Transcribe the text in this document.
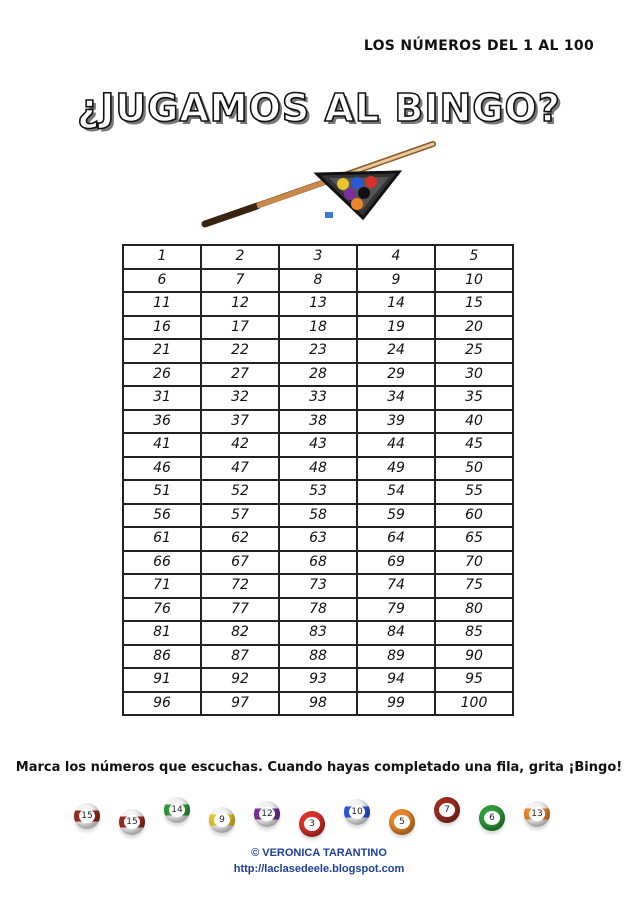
LOS NÚMEROS DEL 1 AL 100
¿JUGAMOS AL BINGO?
1	2	3	4	5
6	7	8	9	10
11	12	13	14	15
16	17	18	19	20
21	22	23	24	25
26	27	28	29	30
31	32	33	34	35
36	37	38	39	40
41	42	43	44	45
46	47	48	49	50
51	52	53	54	55
56	57	58	59	60
61	62	63	64	65
66	67	68	69	70
71	72	73	74	75
76	77	78	79	80
81	82	83	84	85
86	87	88	89	90
91	92	93	94	95
96	97	98	99	100
Marca los números que escuchas. Cuando hayas completado una fila, grita ¡Bingo!
15
15
14
9
12
3
10
5
7
6	13
© VERONICA TARANTINO
http://laclasedeele.blogspot.com
